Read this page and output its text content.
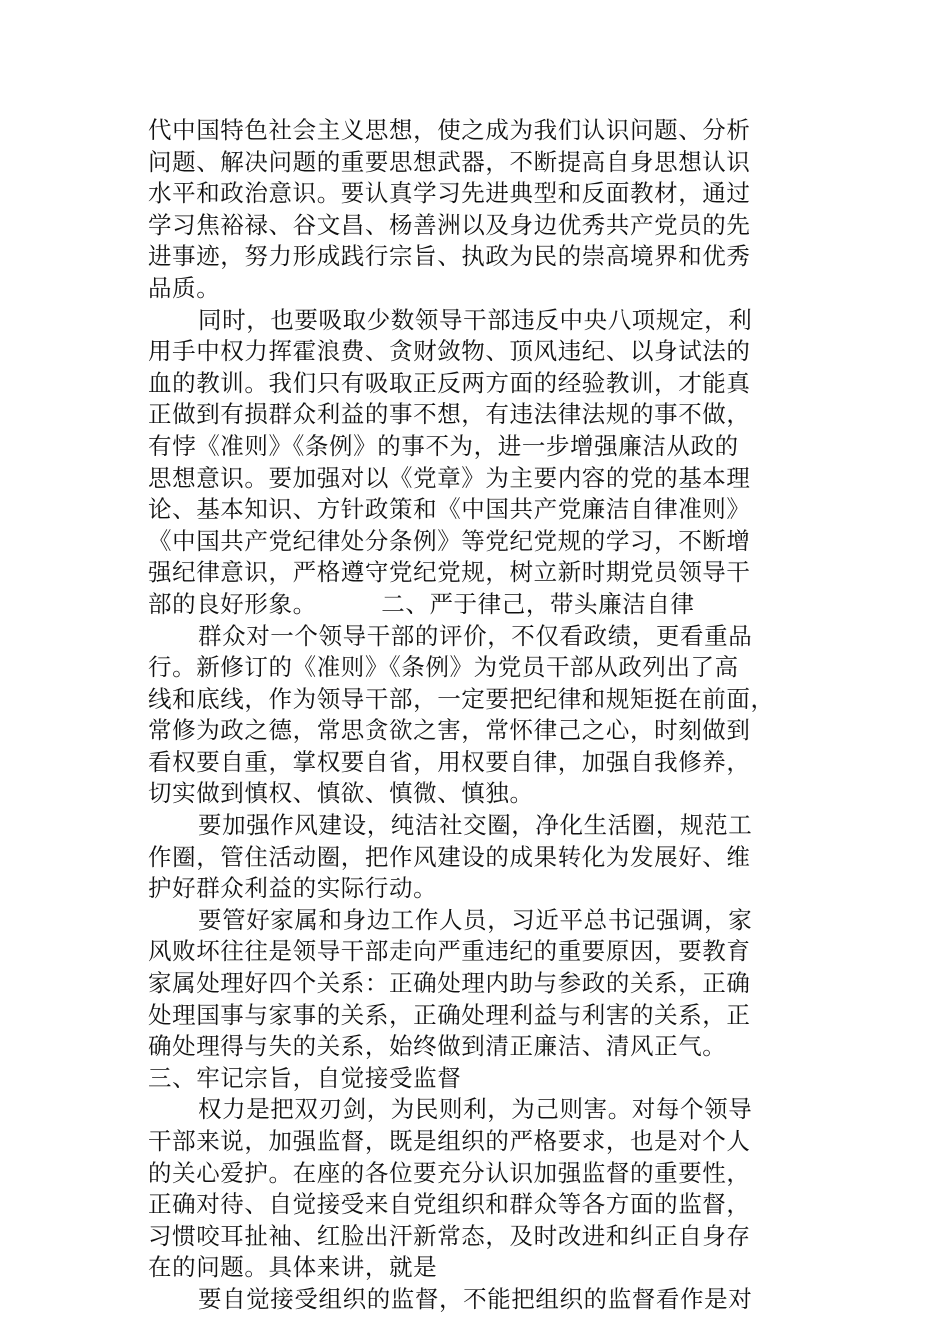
代中国特色社会主义思想，使之成为我们认识问题、分析
问题、解决问题的重要思想武器，不断提高自身思想认识
水平和政治意识。要认真学习先进典型和反面教材，通过
学习焦裕禄、谷文昌、杨善洲以及身边优秀共产党员的先
进事迹，努力形成践行宗旨、执政为民的崇高境界和优秀
品质。
同时，也要吸取少数领导干部违反中央八项规定，利
用手中权力挥霍浪费、贪财敛物、顶风违纪、以身试法的
血的教训。我们只有吸取正反两方面的经验教训，才能真
正做到有损群众利益的事不想，有违法律法规的事不做，
有悖《准则》《条例》的事不为，进一步增强廉洁从政的
思想意识。要加强对以《党章》为主要内容的党的基本理
论、基本知识、方针政策和《中国共产党廉洁自律准则》
《中国共产党纪律处分条例》等党纪党规的学习，不断增
强纪律意识，严格遵守党纪党规，树立新时期党员领导干
部的良好形象。        二、严于律己，带头廉洁自律
群众对一个领导干部的评价，不仅看政绩，更看重品
行。新修订的《准则》《条例》为党员干部从政列出了高
线和底线，作为领导干部，一定要把纪律和规矩挺在前面，
常修为政之德，常思贪欲之害，常怀律己之心，时刻做到
看权要自重，掌权要自省，用权要自律，加强自我修养，
切实做到慎权、慎欲、慎微、慎独。
要加强作风建设，纯洁社交圈，净化生活圈，规范工
作圈，管住活动圈，把作风建设的成果转化为发展好、维
护好群众利益的实际行动。
要管好家属和身边工作人员，习近平总书记强调，家
风败坏往往是领导干部走向严重违纪的重要原因，要教育
家属处理好四个关系：正确处理内助与参政的关系，正确
处理国事与家事的关系，正确处理利益与利害的关系，正
确处理得与失的关系，始终做到清正廉洁、清风正气。
三、牢记宗旨，自觉接受监督
权力是把双刃剑，为民则利，为己则害。对每个领导
干部来说，加强监督，既是组织的严格要求，也是对个人
的关心爱护。在座的各位要充分认识加强监督的重要性，
正确对待、自觉接受来自党组织和群众等各方面的监督，
习惯咬耳扯袖、红脸出汗新常态，及时改进和纠正自身存
在的问题。具体来讲，就是
要自觉接受组织的监督，不能把组织的监督看作是对
